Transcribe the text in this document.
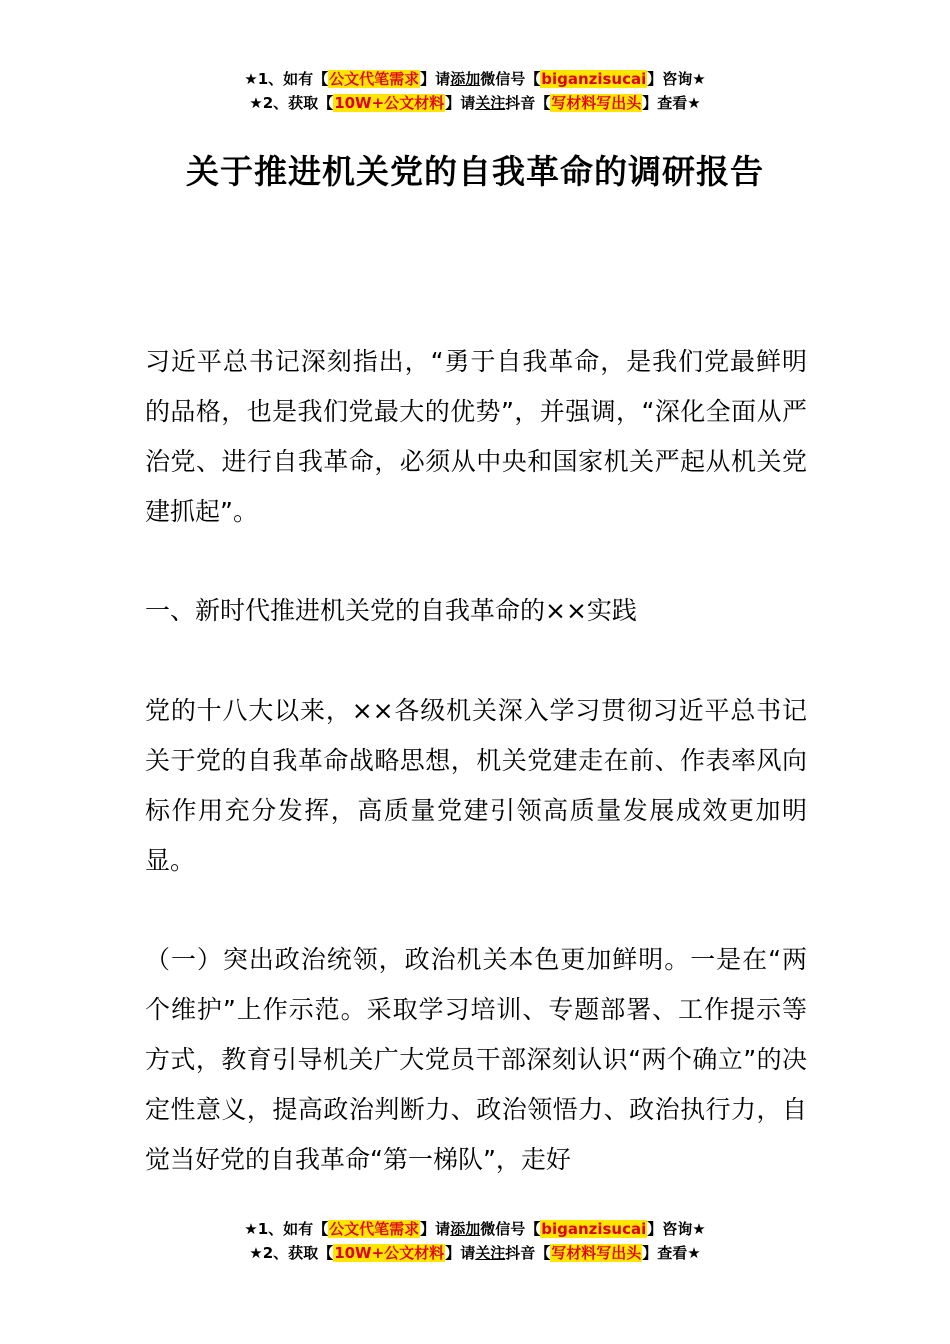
★1、如有【公文代笔需求】请添加微信号【biganzisucai】咨询★
★2、获取【10W+公文材料】请关注抖音【写材料写出头】查看★
关于推进机关党的自我革命的调研报告
习近平总书记深刻指出，“勇于自我革命，是我们党最鲜明的品格，也是我们党最大的优势”，并强调，“深化全面从严治党、进行自我革命，必须从中央和国家机关严起从机关党建抓起”。
一、新时代推进机关党的自我革命的××实践
党的十八大以来，××各级机关深入学习贯彻习近平总书记关于党的自我革命战略思想，机关党建走在前、作表率风向标作用充分发挥，高质量党建引领高质量发展成效更加明显。
（一）突出政治统领，政治机关本色更加鲜明。一是在“两个维护”上作示范。采取学习培训、专题部署、工作提示等方式，教育引导机关广大党员干部深刻认识“两个确立”的决定性意义，提高政治判断力、政治领悟力、政治执行力，自觉当好党的自我革命“第一梯队”，走好
★1、如有【公文代笔需求】请添加微信号【biganzisucai】咨询★
★2、获取【10W+公文材料】请关注抖音【写材料写出头】查看★
